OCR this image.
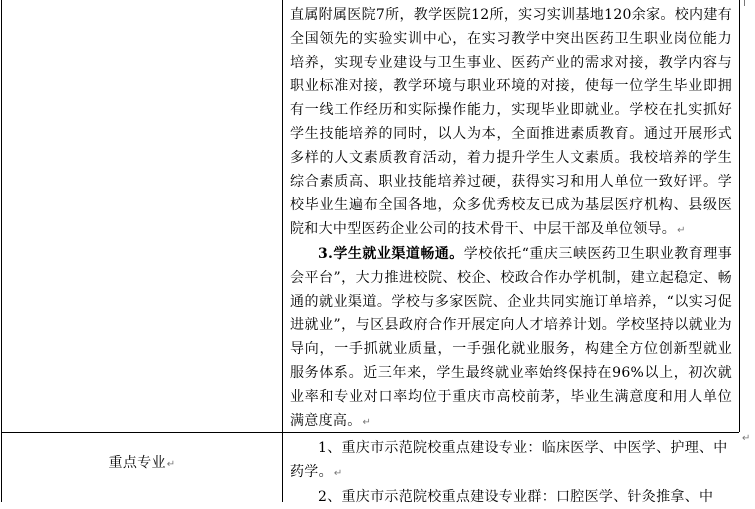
直属附属医院7所，教学医院12所，实习实训基地120余家。校内建有全国领先的实验实训中心，在实习教学中突出医药卫生职业岗位能力培养，实现专业建设与卫生事业、医药产业的需求对接，教学内容与职业标准对接，教学环境与职业环境的对接，使每一位学生毕业即拥有一线工作经历和实际操作能力，实现毕业即就业。学校在扎实抓好学生技能培养的同时，以人为本，全面推进素质教育。通过开展形式多样的人文素质教育活动，着力提升学生人文素质。我校培养的学生综合素质高、职业技能培养过硬，获得实习和用人单位一致好评。学校毕业生遍布全国各地，众多优秀校友已成为基层医疗机构、县级医院和大中型医药企业公司的技术骨干、中层干部及单位领导。↵

3.学生就业渠道畅通。学校依托“重庆三峡医药卫生职业教育理事会平台”，大力推进校院、校企、校政合作办学机制，建立起稳定、畅通的就业渠道。学校与多家医院、企业共同实施订单培养，“以实习促进就业”，与区县政府合作开展定向人才培养计划。学校坚持以就业为导向，一手抓就业质量，一手强化就业服务，构建全方位创新型就业服务体系。近三年来，学生最终就业率始终保持在96%以上，初次就业率和专业对口率均位于重庆市高校前茅，毕业生满意度和用人单位满意度高。↵

重点专业↵

1、重庆市示范院校重点建设专业：临床医学、中医学、护理、中药学。↵

2、重庆市示范院校重点建设专业群：口腔医学、针灸推拿、中

↵
